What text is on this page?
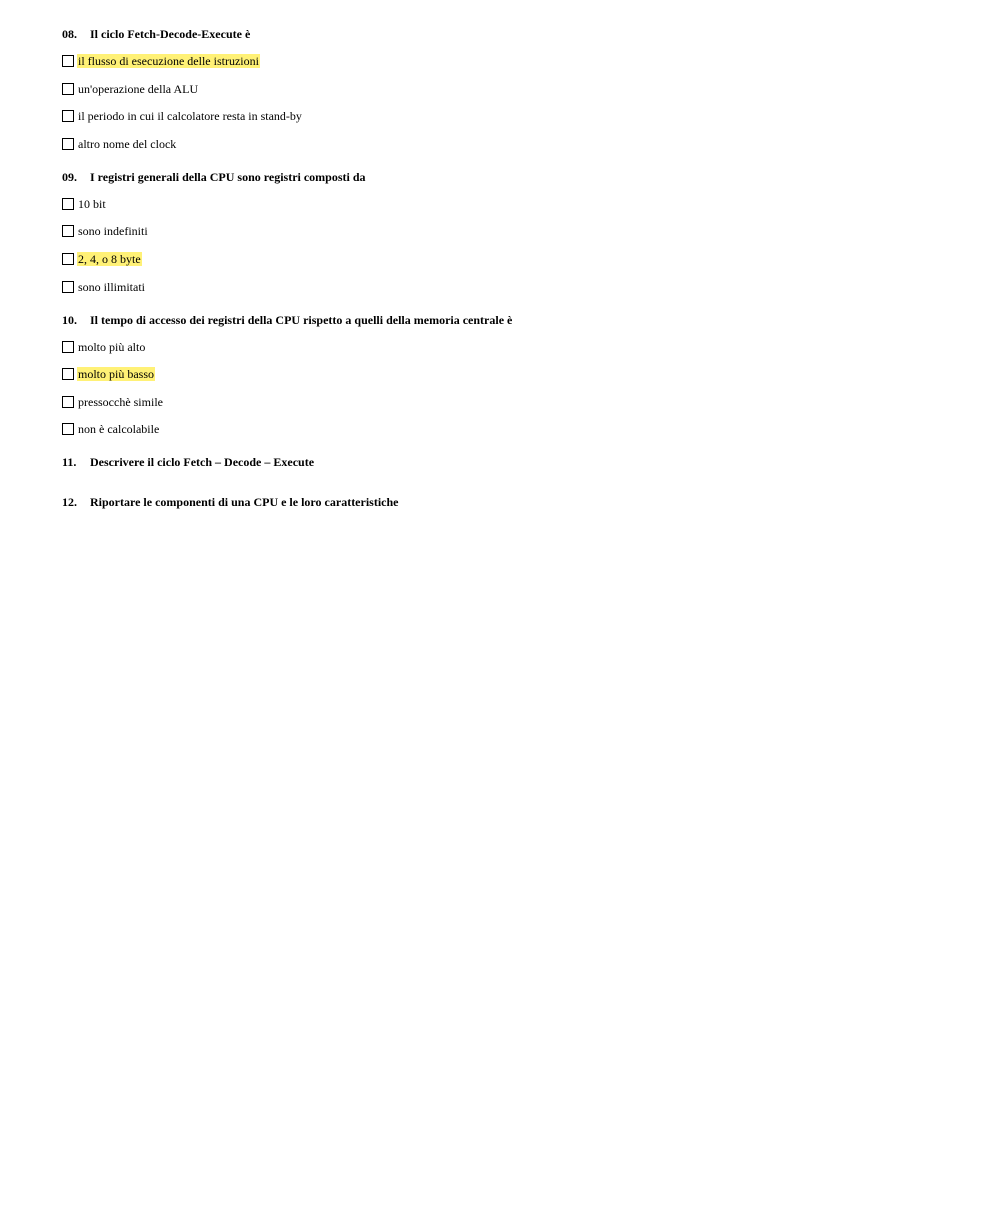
08. Il ciclo Fetch-Decode-Execute è
il flusso di esecuzione delle istruzioni
un'operazione della ALU
il periodo in cui il calcolatore resta in stand-by
altro nome del clock
09. I registri generali della CPU sono registri composti da
10 bit
sono indefiniti
2, 4, o 8 byte
sono illimitati
10. Il tempo di accesso dei registri della CPU rispetto a quelli della memoria centrale è
molto più alto
molto più basso
pressocchè simile
non è calcolabile
11. Descrivere il ciclo Fetch – Decode – Execute
12. Riportare le componenti di una CPU e le loro caratteristiche
